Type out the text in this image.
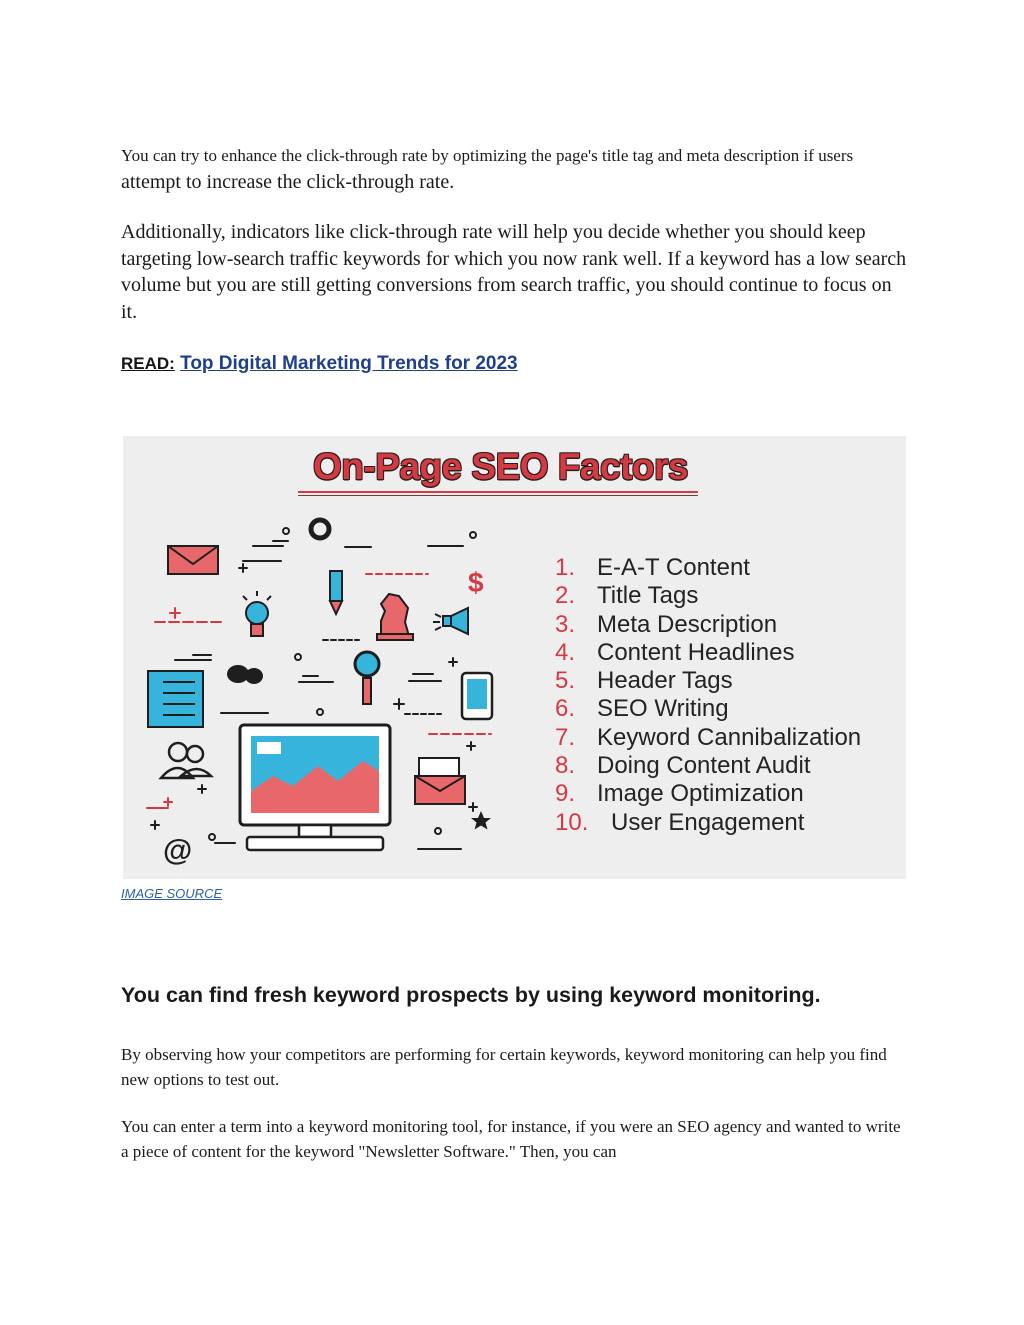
You can try to enhance the click-through rate by optimizing the page's title tag and meta description if users attempt to increase the click-through rate.

Additionally, indicators like click-through rate will help you decide whether you should keep targeting low-search traffic keywords for which you now rank well. If a keyword has a low search volume but you are still getting conversions from search traffic, you should continue to focus on it.

READ: Top Digital Marketing Trends for 2023

$
@
On-Page SEO Factors
1. E-A-T Content
2. Title Tags
3. Meta Description
4. Content Headlines
5. Header Tags
6. SEO Writing
7. Keyword Cannibalization
8. Doing Content Audit
9. Image Optimization
10. User Engagement

IMAGE SOURCE

You can find fresh keyword prospects by using keyword monitoring.

By observing how your competitors are performing for certain keywords, keyword monitoring can help you find new options to test out.

You can enter a term into a keyword monitoring tool, for instance, if you were an SEO agency and wanted to write a piece of content for the keyword "Newsletter Software." Then, you can
